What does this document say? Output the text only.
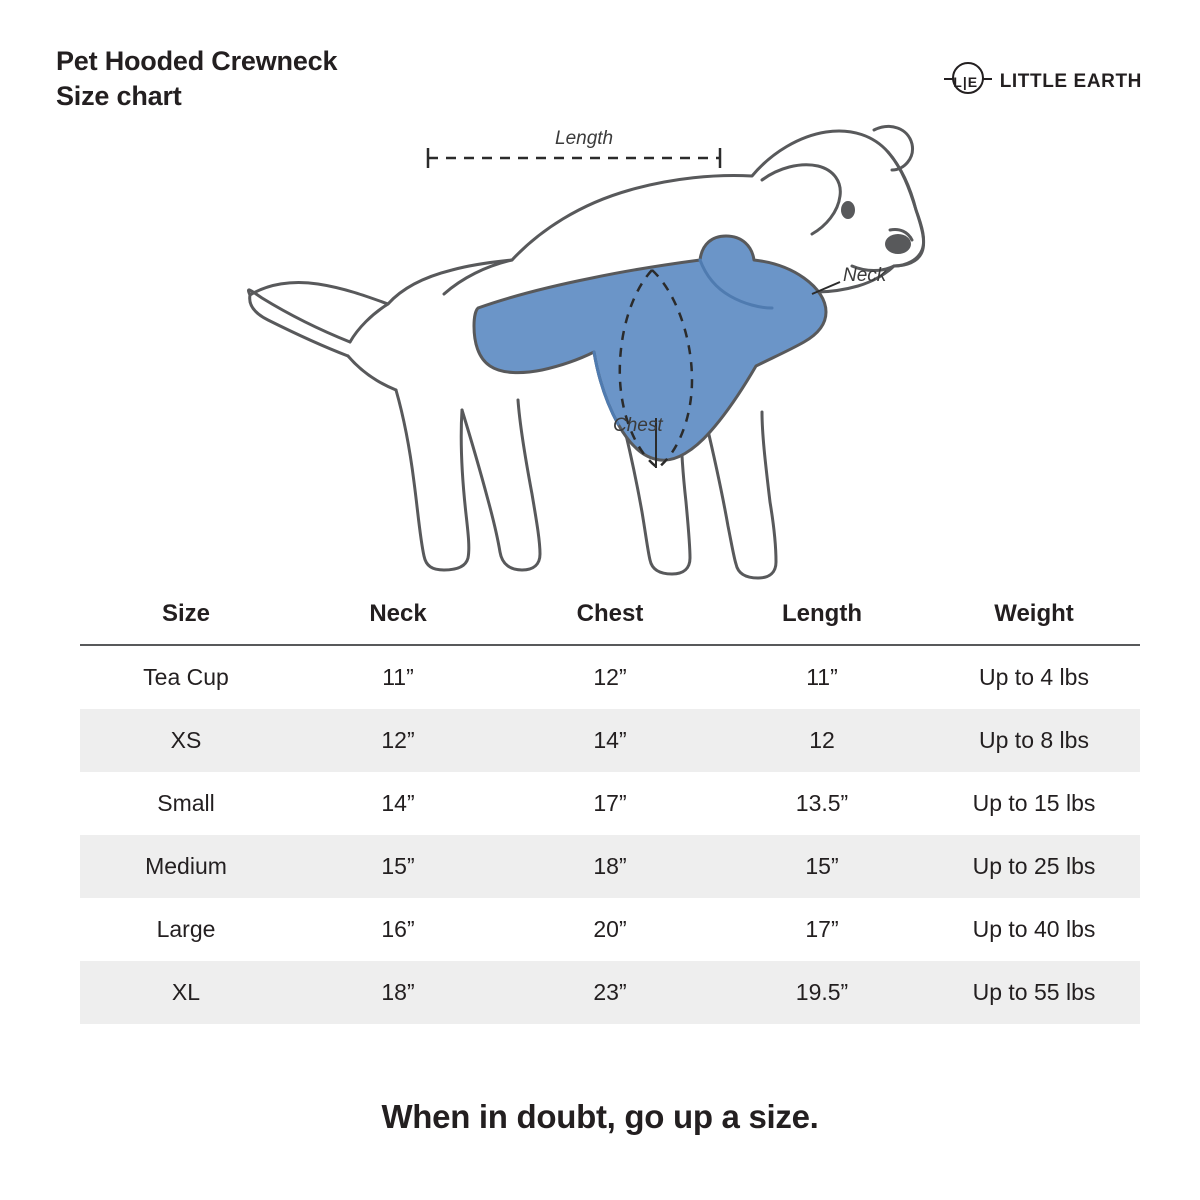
Pet Hooded Crewneck
Size chart	L|E LITTLE EARTH
Length
Neck
Chest
Size	Neck	Chest	Length	Weight
Tea Cup	11”	12”	11”	Up to 4 lbs
XS	12”	14”	12	Up to 8 lbs
Small	14”	17”	13.5”	Up to 15 lbs
Medium	15”	18”	15”	Up to 25 lbs
Large	16”	20”	17”	Up to 40 lbs
XL	18”	23”	19.5”	Up to 55 lbs
When in doubt, go up a size.
